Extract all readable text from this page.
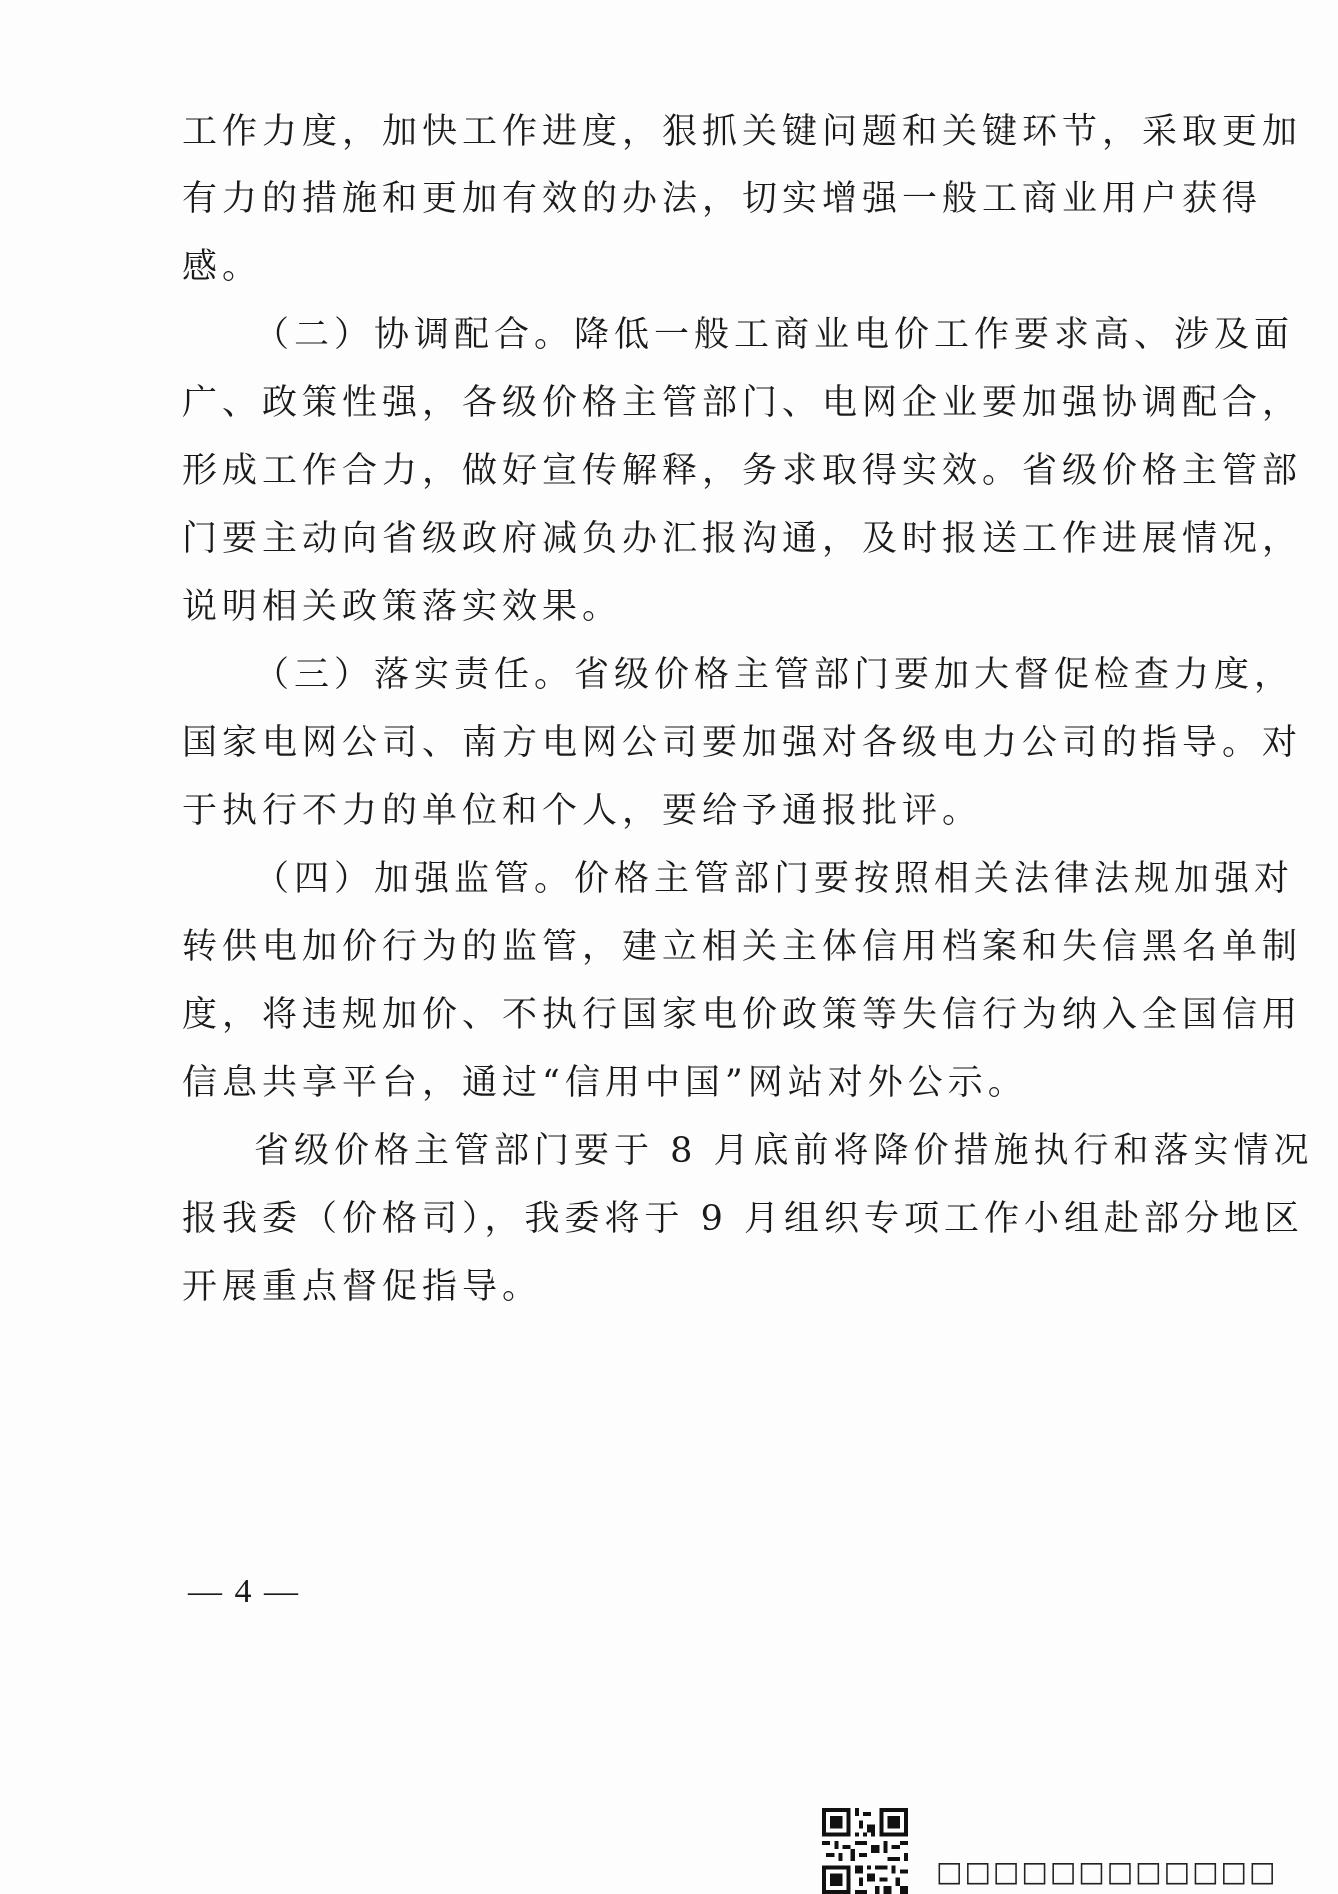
工作力度，加快工作进度，狠抓关键问题和关键环节，采取更加
有力的措施和更加有效的办法，切实增强一般工商业用户获得
感。
（二）协调配合。降低一般工商业电价工作要求高、涉及面
广、政策性强，各级价格主管部门、电网企业要加强协调配合，
形成工作合力，做好宣传解释，务求取得实效。省级价格主管部
门要主动向省级政府减负办汇报沟通，及时报送工作进展情况，
说明相关政策落实效果。
（三）落实责任。省级价格主管部门要加大督促检查力度，
国家电网公司、南方电网公司要加强对各级电力公司的指导。对
于执行不力的单位和个人，要给予通报批评。
（四）加强监管。价格主管部门要按照相关法律法规加强对
转供电加价行为的监管，建立相关主体信用档案和失信黑名单制
度，将违规加价、不执行国家电价政策等失信行为纳入全国信用
信息共享平台，通过“信用中国”网站对外公示。
省级价格主管部门要于 8 月底前将降价措施执行和落实情况
报我委（价格司），我委将于 9 月组织专项工作小组赴部分地区
开展重点督促指导。
— 4 —
□□□□□□□□□□□□
